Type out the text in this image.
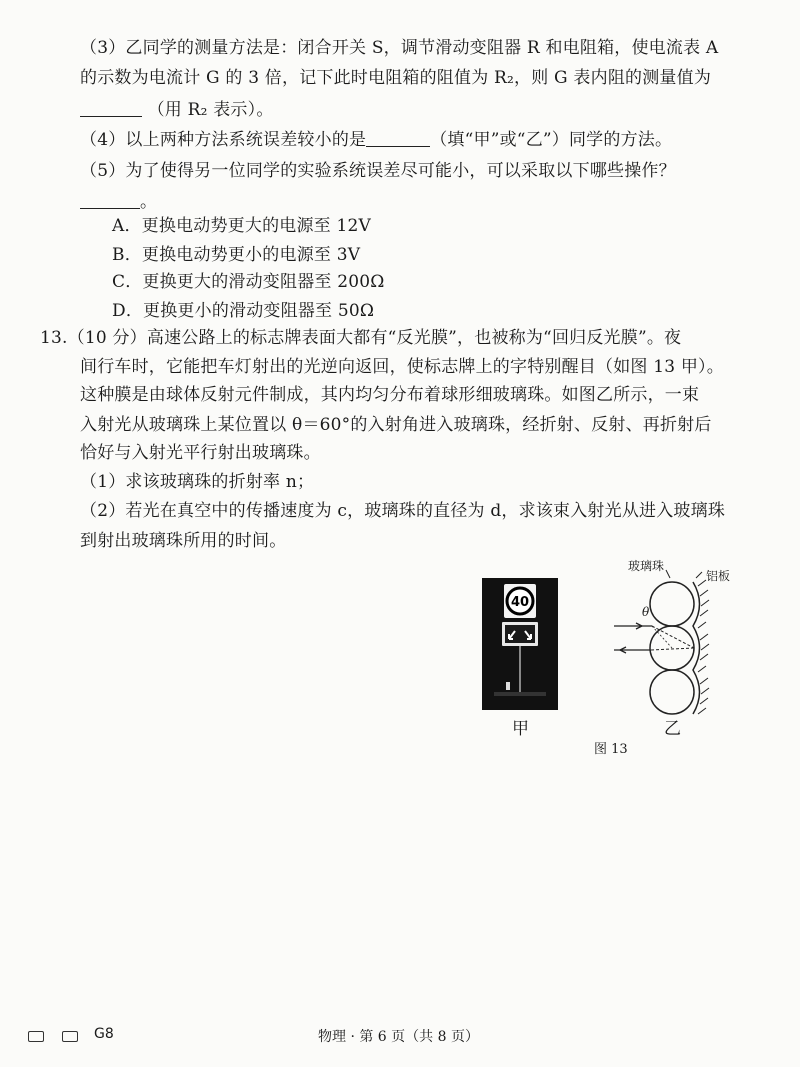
（3）乙同学的测量方法是：闭合开关 S，调节滑动变阻器 R 和电阻箱，使电流表 A
的示数为电流计 G 的 3 倍，记下此时电阻箱的阻值为 R₂，则 G 表内阻的测量值为
（用 R₂ 表示）。
（4）以上两种方法系统误差较小的是	（填“甲”或“乙”）同学的方法。
（5）为了使得另一位同学的实验系统误差尽可能小，可以采取以下哪些操作？
。
A．更换电动势更大的电源至 12V
B．更换电动势更小的电源至 3V
C．更换更大的滑动变阻器至 200Ω
D．更换更小的滑动变阻器至 50Ω
13.（10 分）高速公路上的标志牌表面大都有“反光膜”，也被称为“回归反光膜”。夜
间行车时，它能把车灯射出的光逆向返回，使标志牌上的字特别醒目（如图 13 甲）。
这种膜是由球体反射元件制成，其内均匀分布着球形细玻璃珠。如图乙所示，一束
入射光从玻璃珠上某位置以 θ＝60°的入射角进入玻璃珠，经折射、反射、再折射后
恰好与入射光平行射出玻璃珠。
（1）求该玻璃珠的折射率 n；
（2）若光在真空中的传播速度为 c，玻璃珠的直径为 d，求该束入射光从进入玻璃珠
到射出玻璃珠所用的时间。
40
甲
玻璃珠
铝板
θ
乙
图 13
G8	物理 · 第 6 页（共 8 页）
